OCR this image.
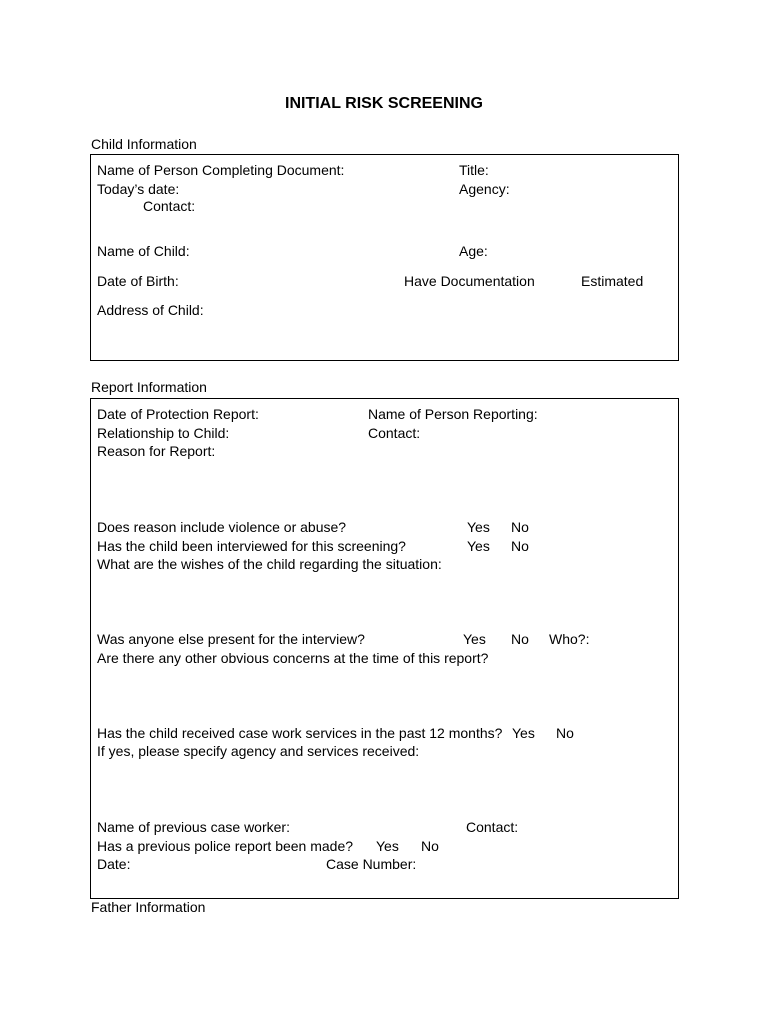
INITIAL RISK SCREENING
Child Information
Name of Person Completing Document:	Title:
Today’s date:	Agency:
Contact:
Name of Child:	Age:
Date of Birth:	Have Documentation	Estimated
Address of Child:
Report Information
Date of Protection Report:	Name of Person Reporting:
Relationship to Child:	Contact:
Reason for Report:
Does reason include violence or abuse?	Yes No
Has the child been interviewed for this screening?	Yes No
What are the wishes of the child regarding the situation:
Was anyone else present for the interview?	Yes No Who?:
Are there any other obvious concerns at the time of this report?
Has the child received case work services in the past 12 months? Yes No
If yes, please specify agency and services received:
Name of previous case worker:	Contact:
Has a previous police report been made? Yes No
Date:	Case Number:
Father Information
